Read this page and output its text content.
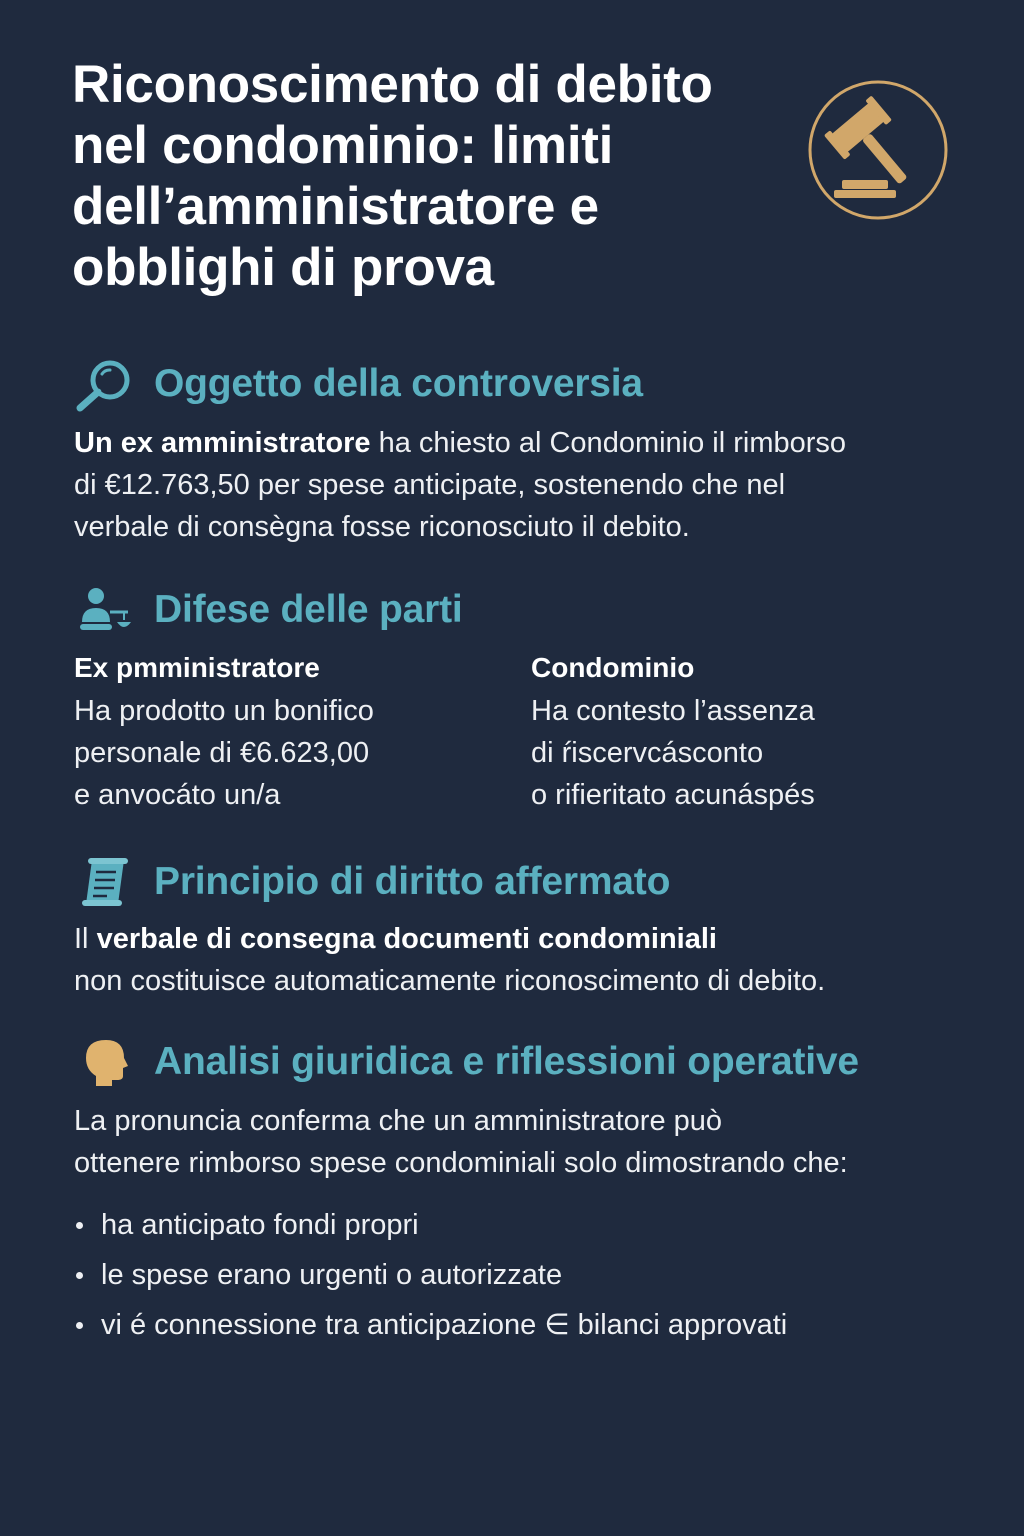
Riconoscimento di debito
nel condominio: limiti
dell’amministratore e
obblighi di prova
Oggetto della controversia

Un ex amministratore ha chiesto al Condominio il rimborso

di €12.763,50 per spese anticipate, sostenendo che nel

verbale di consègna fosse riconosciuto il debito.

Difese delle parti
Ex pmministratore
Ha prodotto un bonifico
personale di €6.623,00
e anvocáto un/a
Condominio
Ha contesto l’assenza
di ŕiscervcásconto
o rifieritato acunáspés
Principio di diritto affermato

Il verbale di consegna documenti condominiali

non costituisce automaticamente riconoscimento di debito.

Analisi giuridica e riflessioni operative

La pronuncia conferma che un amministratore può

ottenere rimborso spese condominiali solo dimostrando che:

ha anticipato fondi propri
le spese erano urgenti o autorizzate
vi é connessione tra anticipazione ∈ bilanci approvati
